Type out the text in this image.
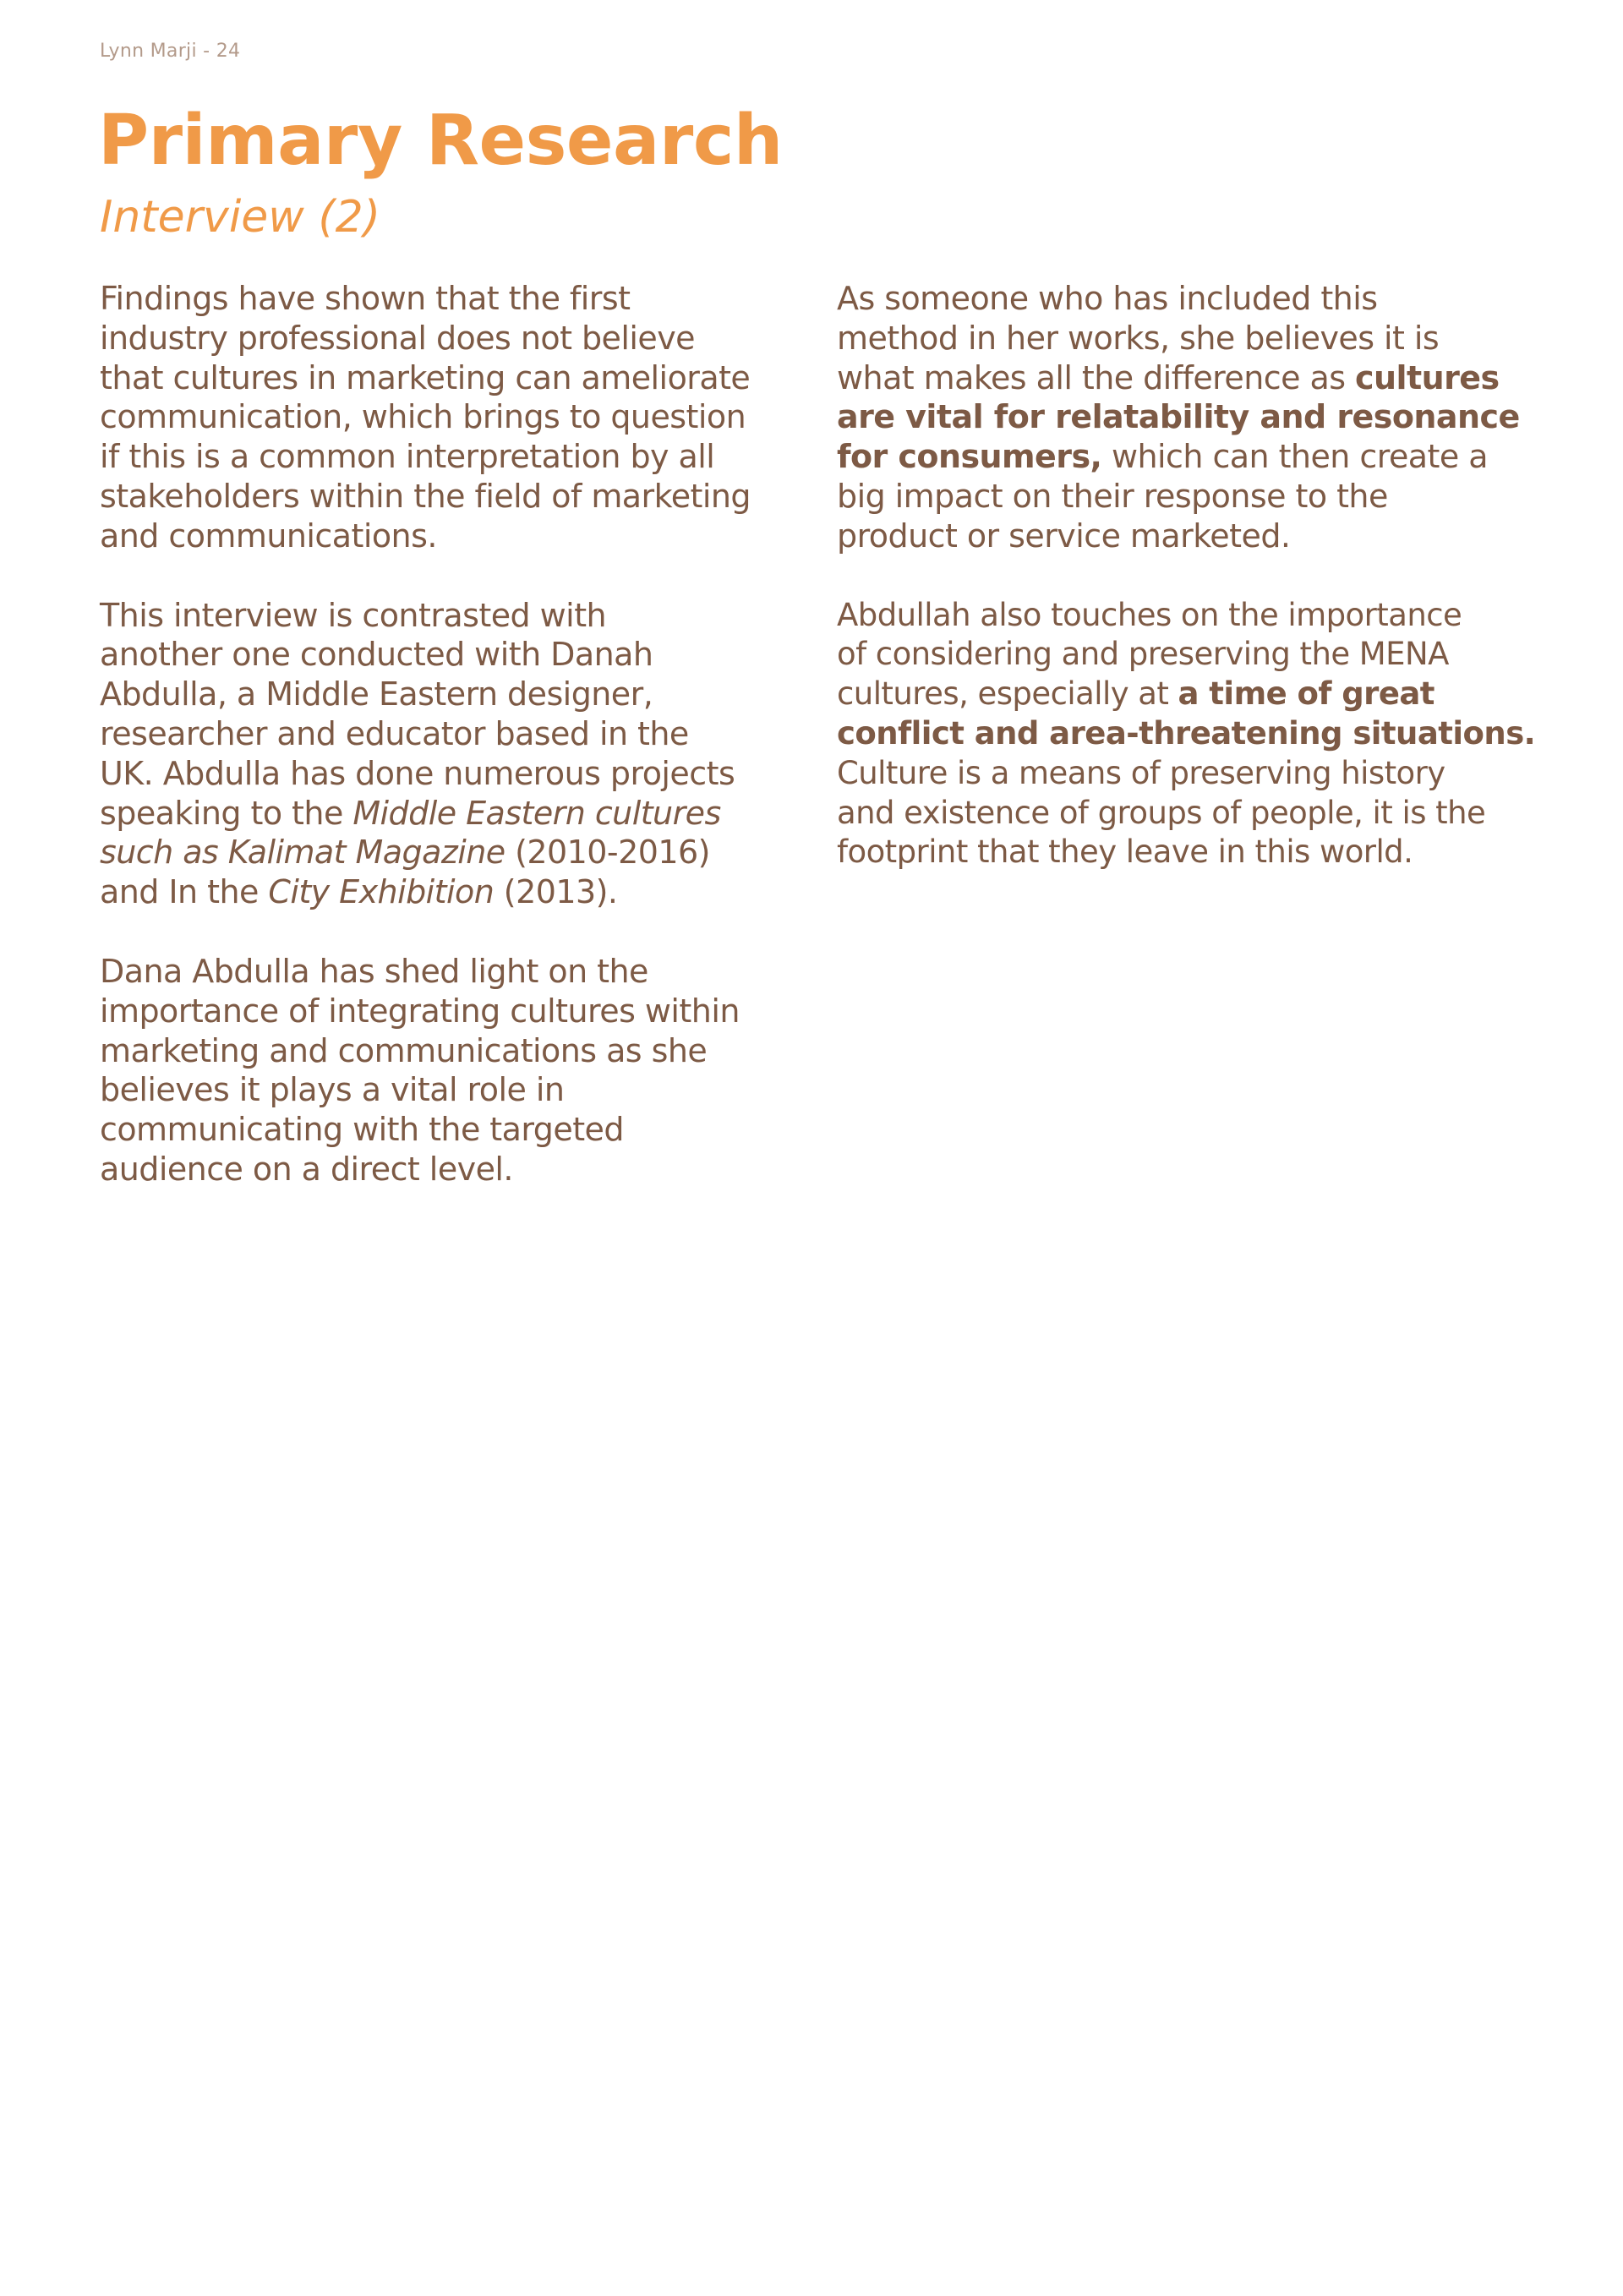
Lynn Marji - 24
Primary Research
Interview (2)

Findings have shown that the first
industry professional does not believe
that cultures in marketing can ameliorate
communication, which brings to question
if this is a common interpretation by all
stakeholders within the field of marketing
and communications.

This interview is contrasted with
another one conducted with Danah
Abdulla, a Middle Eastern designer,
researcher and educator based in the
UK. Abdulla has done numerous projects
speaking to the Middle Eastern cultures
such as Kalimat Magazine (2010-2016)
and In the City Exhibition (2013).

Dana Abdulla has shed light on the
importance of integrating cultures within
marketing and communications as she
believes it plays a vital role in
communicating with the targeted
audience on a direct level.

As someone who has included this
method in her works, she believes it is
what makes all the difference as cultures
are vital for relatability and resonance
for consumers, which can then create a
big impact on their response to the
product or service marketed.

Abdullah also touches on the importance
of considering and preserving the MENA
cultures, especially at a time of great
conflict and area-threatening situations.
Culture is a means of preserving history
and existence of groups of people, it is the
footprint that they leave in this world.
